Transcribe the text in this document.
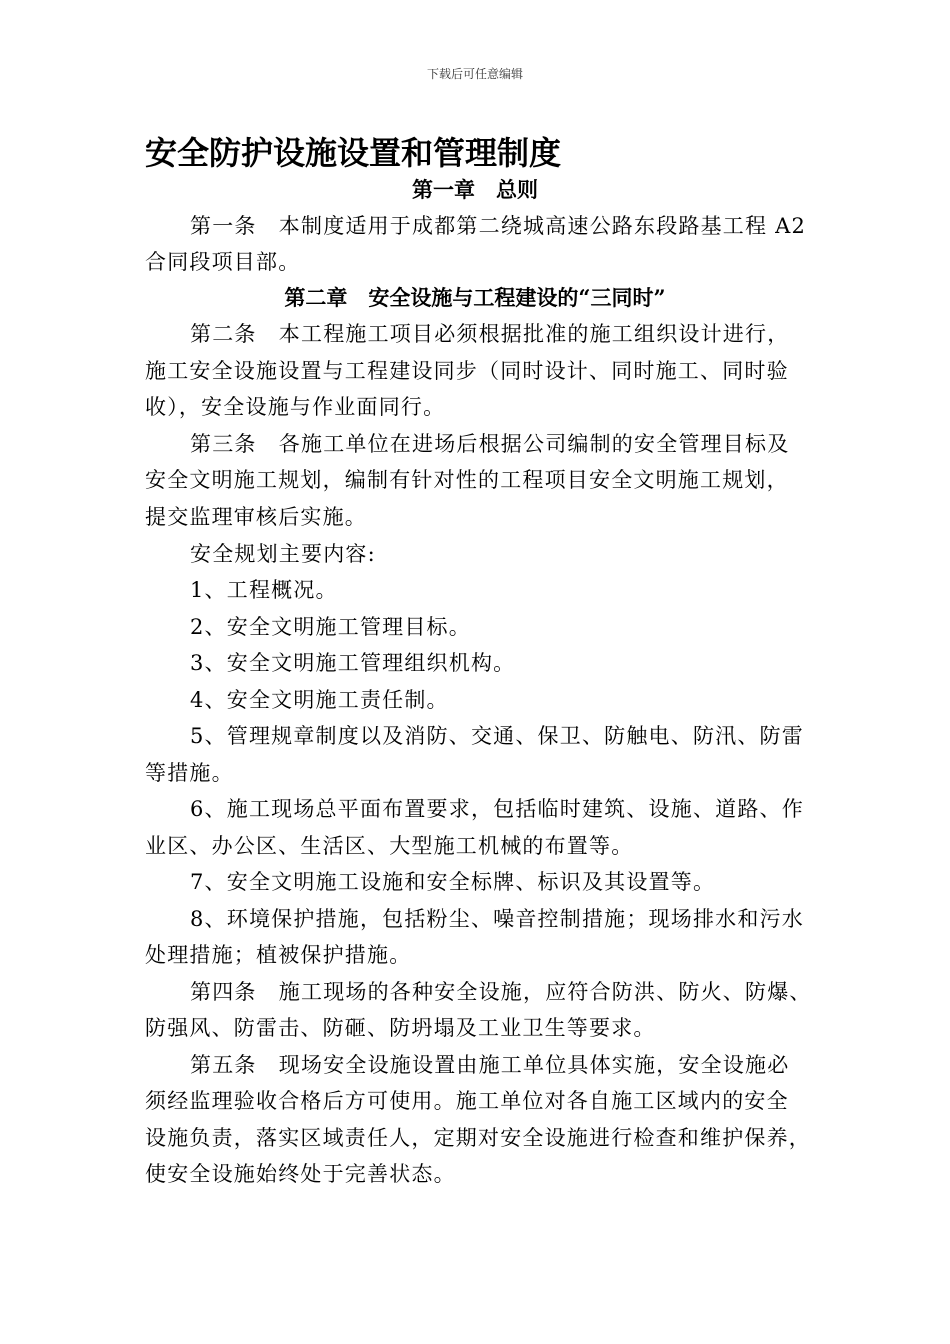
下载后可任意编辑
安全防护设施设置和管理制度
第一章　总则
第一条　本制度适用于成都第二绕城高速公路东段路基工程 A2
合同段项目部。
第二章　安全设施与工程建设的“三同时”
第二条　本工程施工项目必须根据批准的施工组织设计进行，
施工安全设施设置与工程建设同步（同时设计、同时施工、同时验
收），安全设施与作业面同行。
第三条　各施工单位在进场后根据公司编制的安全管理目标及
安全文明施工规划，编制有针对性的工程项目安全文明施工规划，
提交监理审核后实施。
安全规划主要内容:
1、工程概况。
2、安全文明施工管理目标。
3、安全文明施工管理组织机构。
4、安全文明施工责任制。
5、管理规章制度以及消防、交通、保卫、防触电、防汛、防雷
等措施。
6、施工现场总平面布置要求，包括临时建筑、设施、道路、作
业区、办公区、生活区、大型施工机械的布置等。
7、安全文明施工设施和安全标牌、标识及其设置等。
8、环境保护措施，包括粉尘、噪音控制措施；现场排水和污水
处理措施；植被保护措施。
第四条　施工现场的各种安全设施，应符合防洪、防火、防爆、
防强风、防雷击、防砸、防坍塌及工业卫生等要求。
第五条　现场安全设施设置由施工单位具体实施，安全设施必
须经监理验收合格后方可使用。施工单位对各自施工区域内的安全
设施负责，落实区域责任人，定期对安全设施进行检查和维护保养，
使安全设施始终处于完善状态。
